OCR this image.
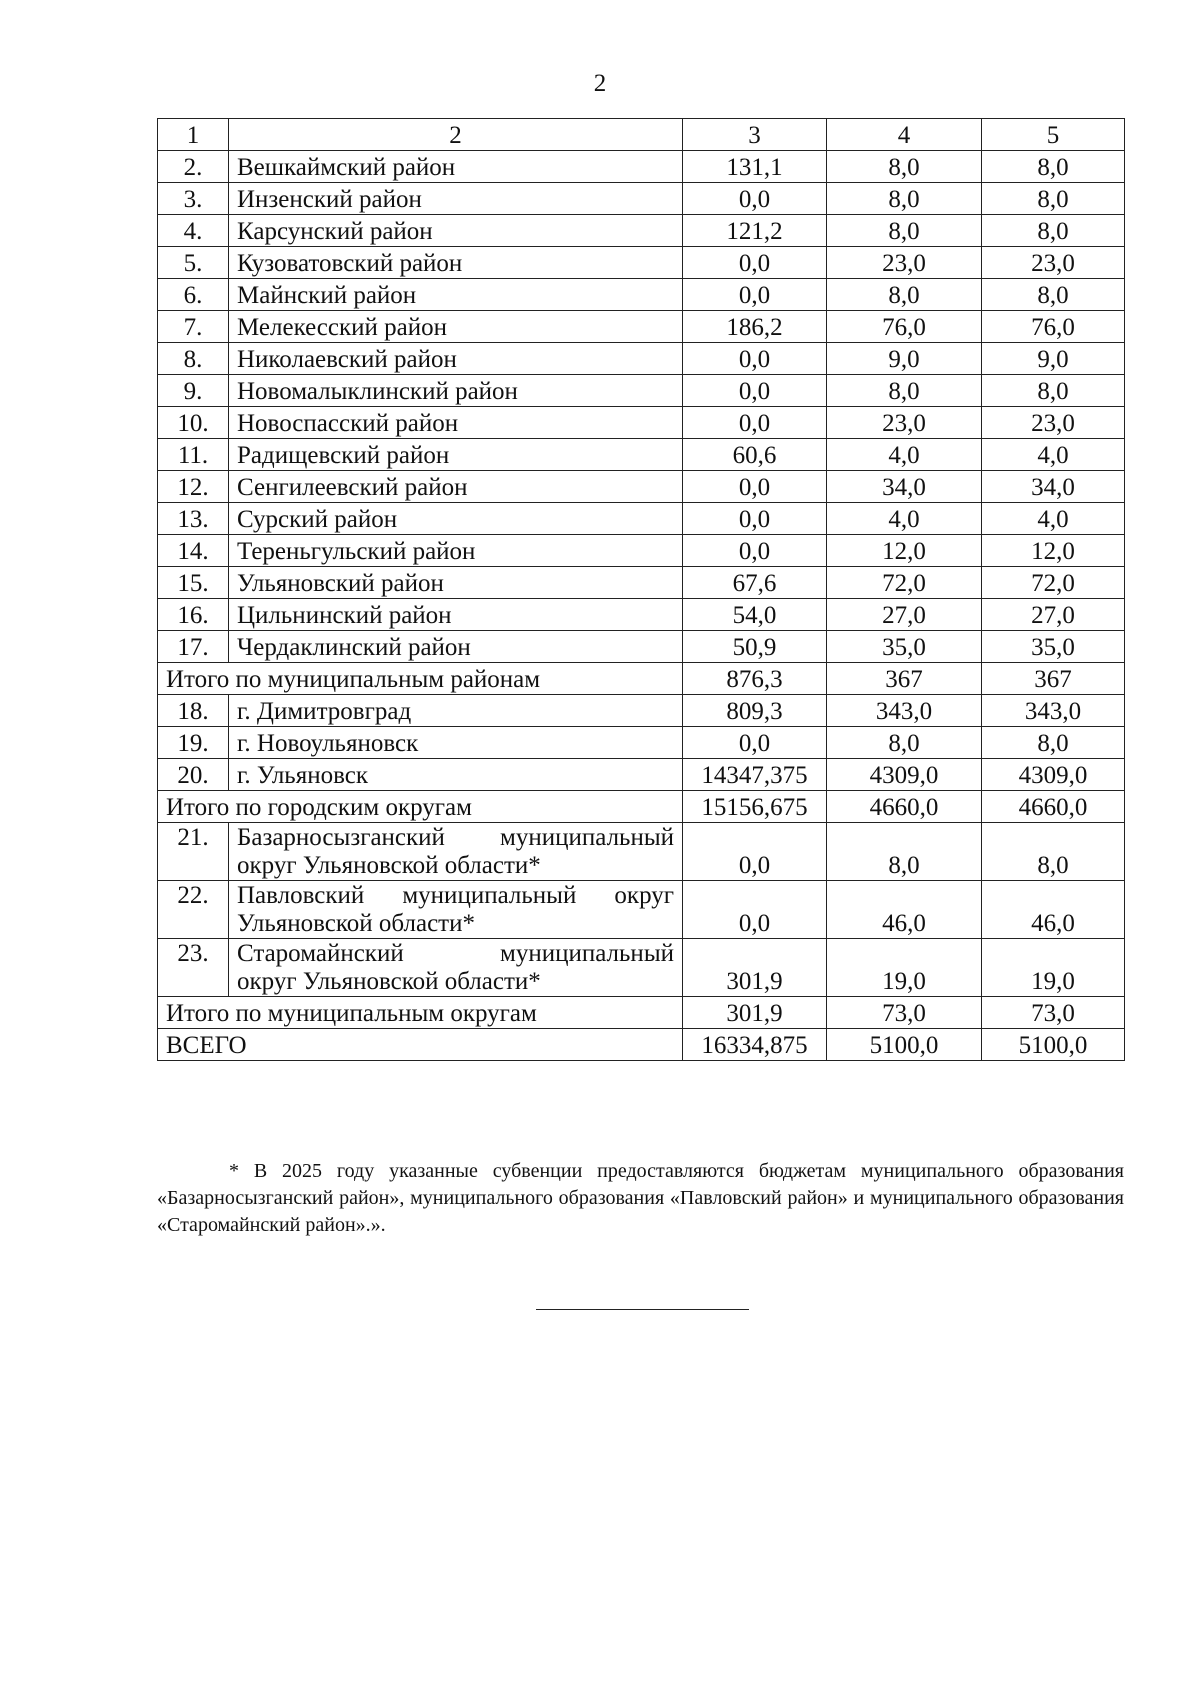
2
1	2	3	4	5
2.	Вешкаймский район	131,1	8,0	8,0
3.	Инзенский район	0,0	8,0	8,0
4.	Карсунский район	121,2	8,0	8,0
5.	Кузоватовский район	0,0	23,0	23,0
6.	Майнский район	0,0	8,0	8,0
7.	Мелекесский район	186,2	76,0	76,0
8.	Николаевский район	0,0	9,0	9,0
9.	Новомалыклинский район	0,0	8,0	8,0
10.	Новоспасский район	0,0	23,0	23,0
11.	Радищевский район	60,6	4,0	4,0
12.	Сенгилеевский район	0,0	34,0	34,0
13.	Сурский район	0,0	4,0	4,0
14.	Тереньгульский район	0,0	12,0	12,0
15.	Ульяновский район	67,6	72,0	72,0
16.	Цильнинский район	54,0	27,0	27,0
17.	Чердаклинский район	50,9	35,0	35,0
Итого по муниципальным районам		876,3	367	367
18.	г. Димитровград	809,3	343,0	343,0
19.	г. Новоульяновск	0,0	8,0	8,0
20.	г. Ульяновск	14347,375	4309,0	4309,0
Итого по городским округам		15156,675	4660,0	4660,0
21.	Базарносызганский муниципальный
округ Ульяновской области*	0,0	8,0	8,0
22.	Павловский муниципальный округ
Ульяновской области*	0,0	46,0	46,0
23.	Старомайнский муниципальный
округ Ульяновской области*	301,9	19,0	19,0
Итого по муниципальным округам		301,9	73,0	73,0
ВСЕГО		16334,875	5100,0	5100,0
* В 2025 году указанные субвенции предоставляются бюджетам муниципального образования «Базарносызганский район», муниципального образования «Павловский район» и муниципального образования «Старомайнский район».».
